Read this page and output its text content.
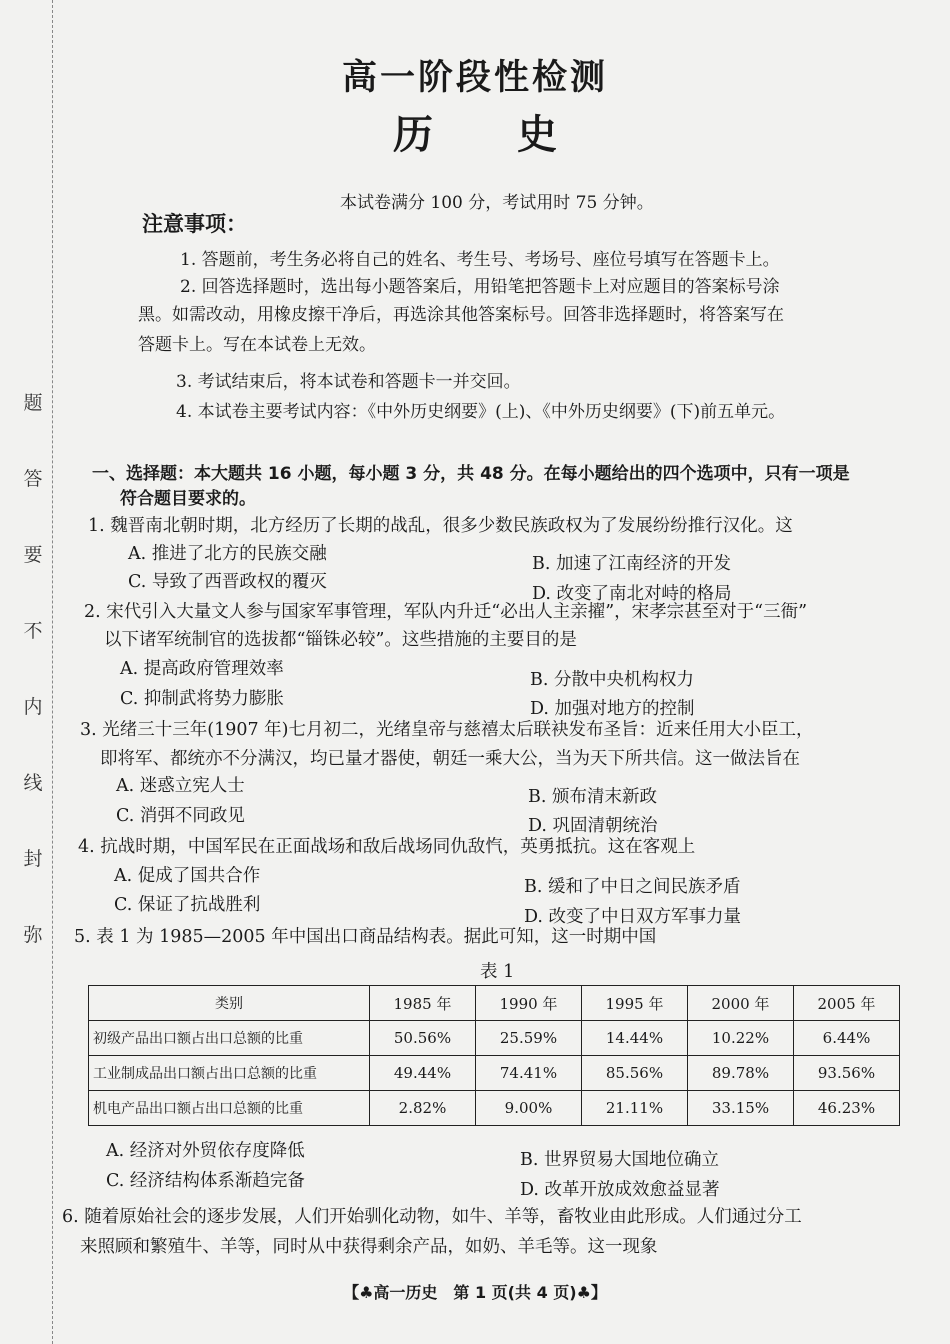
题
答
要
不
内
线
封
弥
高一阶段性检测
历 史
本试卷满分 100 分，考试用时 75 分钟。
注意事项：
1. 答题前，考生务必将自己的姓名、考生号、考场号、座位号填写在答题卡上。
2. 回答选择题时，选出每小题答案后，用铅笔把答题卡上对应题目的答案标号涂
黑。如需改动，用橡皮擦干净后，再选涂其他答案标号。回答非选择题时，将答案写在
答题卡上。写在本试卷上无效。
3. 考试结束后，将本试卷和答题卡一并交回。
4. 本试卷主要考试内容：《中外历史纲要》(上)、《中外历史纲要》(下)前五单元。
一、选择题：本大题共 16 小题，每小题 3 分，共 48 分。在每小题给出的四个选项中，只有一项是
符合题目要求的。
1. 魏晋南北朝时期，北方经历了长期的战乱，很多少数民族政权为了发展纷纷推行汉化。这
A. 推进了北方的民族交融	B. 加速了江南经济的开发
C. 导致了西晋政权的覆灭
D. 改变了南北对峙的格局
2. 宋代引入大量文人参与国家军事管理，军队内升迁“必出人主亲擢”，宋孝宗甚至对于“三衙”
以下诸军统制官的选拔都“锱铢必较”。这些措施的主要目的是
A. 提高政府管理效率
B. 分散中央机构权力
C. 抑制武将势力膨胀	D. 加强对地方的控制
3. 光绪三十三年(1907 年)七月初二，光绪皇帝与慈禧太后联袂发布圣旨：近来任用大小臣工，
即将军、都统亦不分满汉，均已量才器使，朝廷一乘大公，当为天下所共信。这一做法旨在
A. 迷惑立宪人士
B. 颁布清末新政
C. 消弭不同政见	D. 巩固清朝统治
4. 抗战时期，中国军民在正面战场和敌后战场同仇敌忾，英勇抵抗。这在客观上
A. 促成了国共合作
B. 缓和了中日之间民族矛盾
C. 保证了抗战胜利
D. 改变了中日双方军事力量
5. 表 1 为 1985—2005 年中国出口商品结构表。据此可知，这一时期中国
表 1
类别	1985 年	1990 年	1995 年	2000 年	2005 年
初级产品出口额占出口总额的比重	50.56%	25.59%	14.44%	10.22%	6.44%
工业制成品出口额占出口总额的比重	49.44%	74.41%	85.56%	89.78%	93.56%
机电产品出口额占出口总额的比重	2.82%	9.00%	21.11%	33.15%	46.23%
A. 经济对外贸依存度降低	B. 世界贸易大国地位确立
C. 经济结构体系渐趋完备	D. 改革开放成效愈益显著
6. 随着原始社会的逐步发展，人们开始驯化动物，如牛、羊等，畜牧业由此形成。人们通过分工
来照顾和繁殖牛、羊等，同时从中获得剩余产品，如奶、羊毛等。这一现象
【♣高一历史　第 1 页(共 4 页)♣】
